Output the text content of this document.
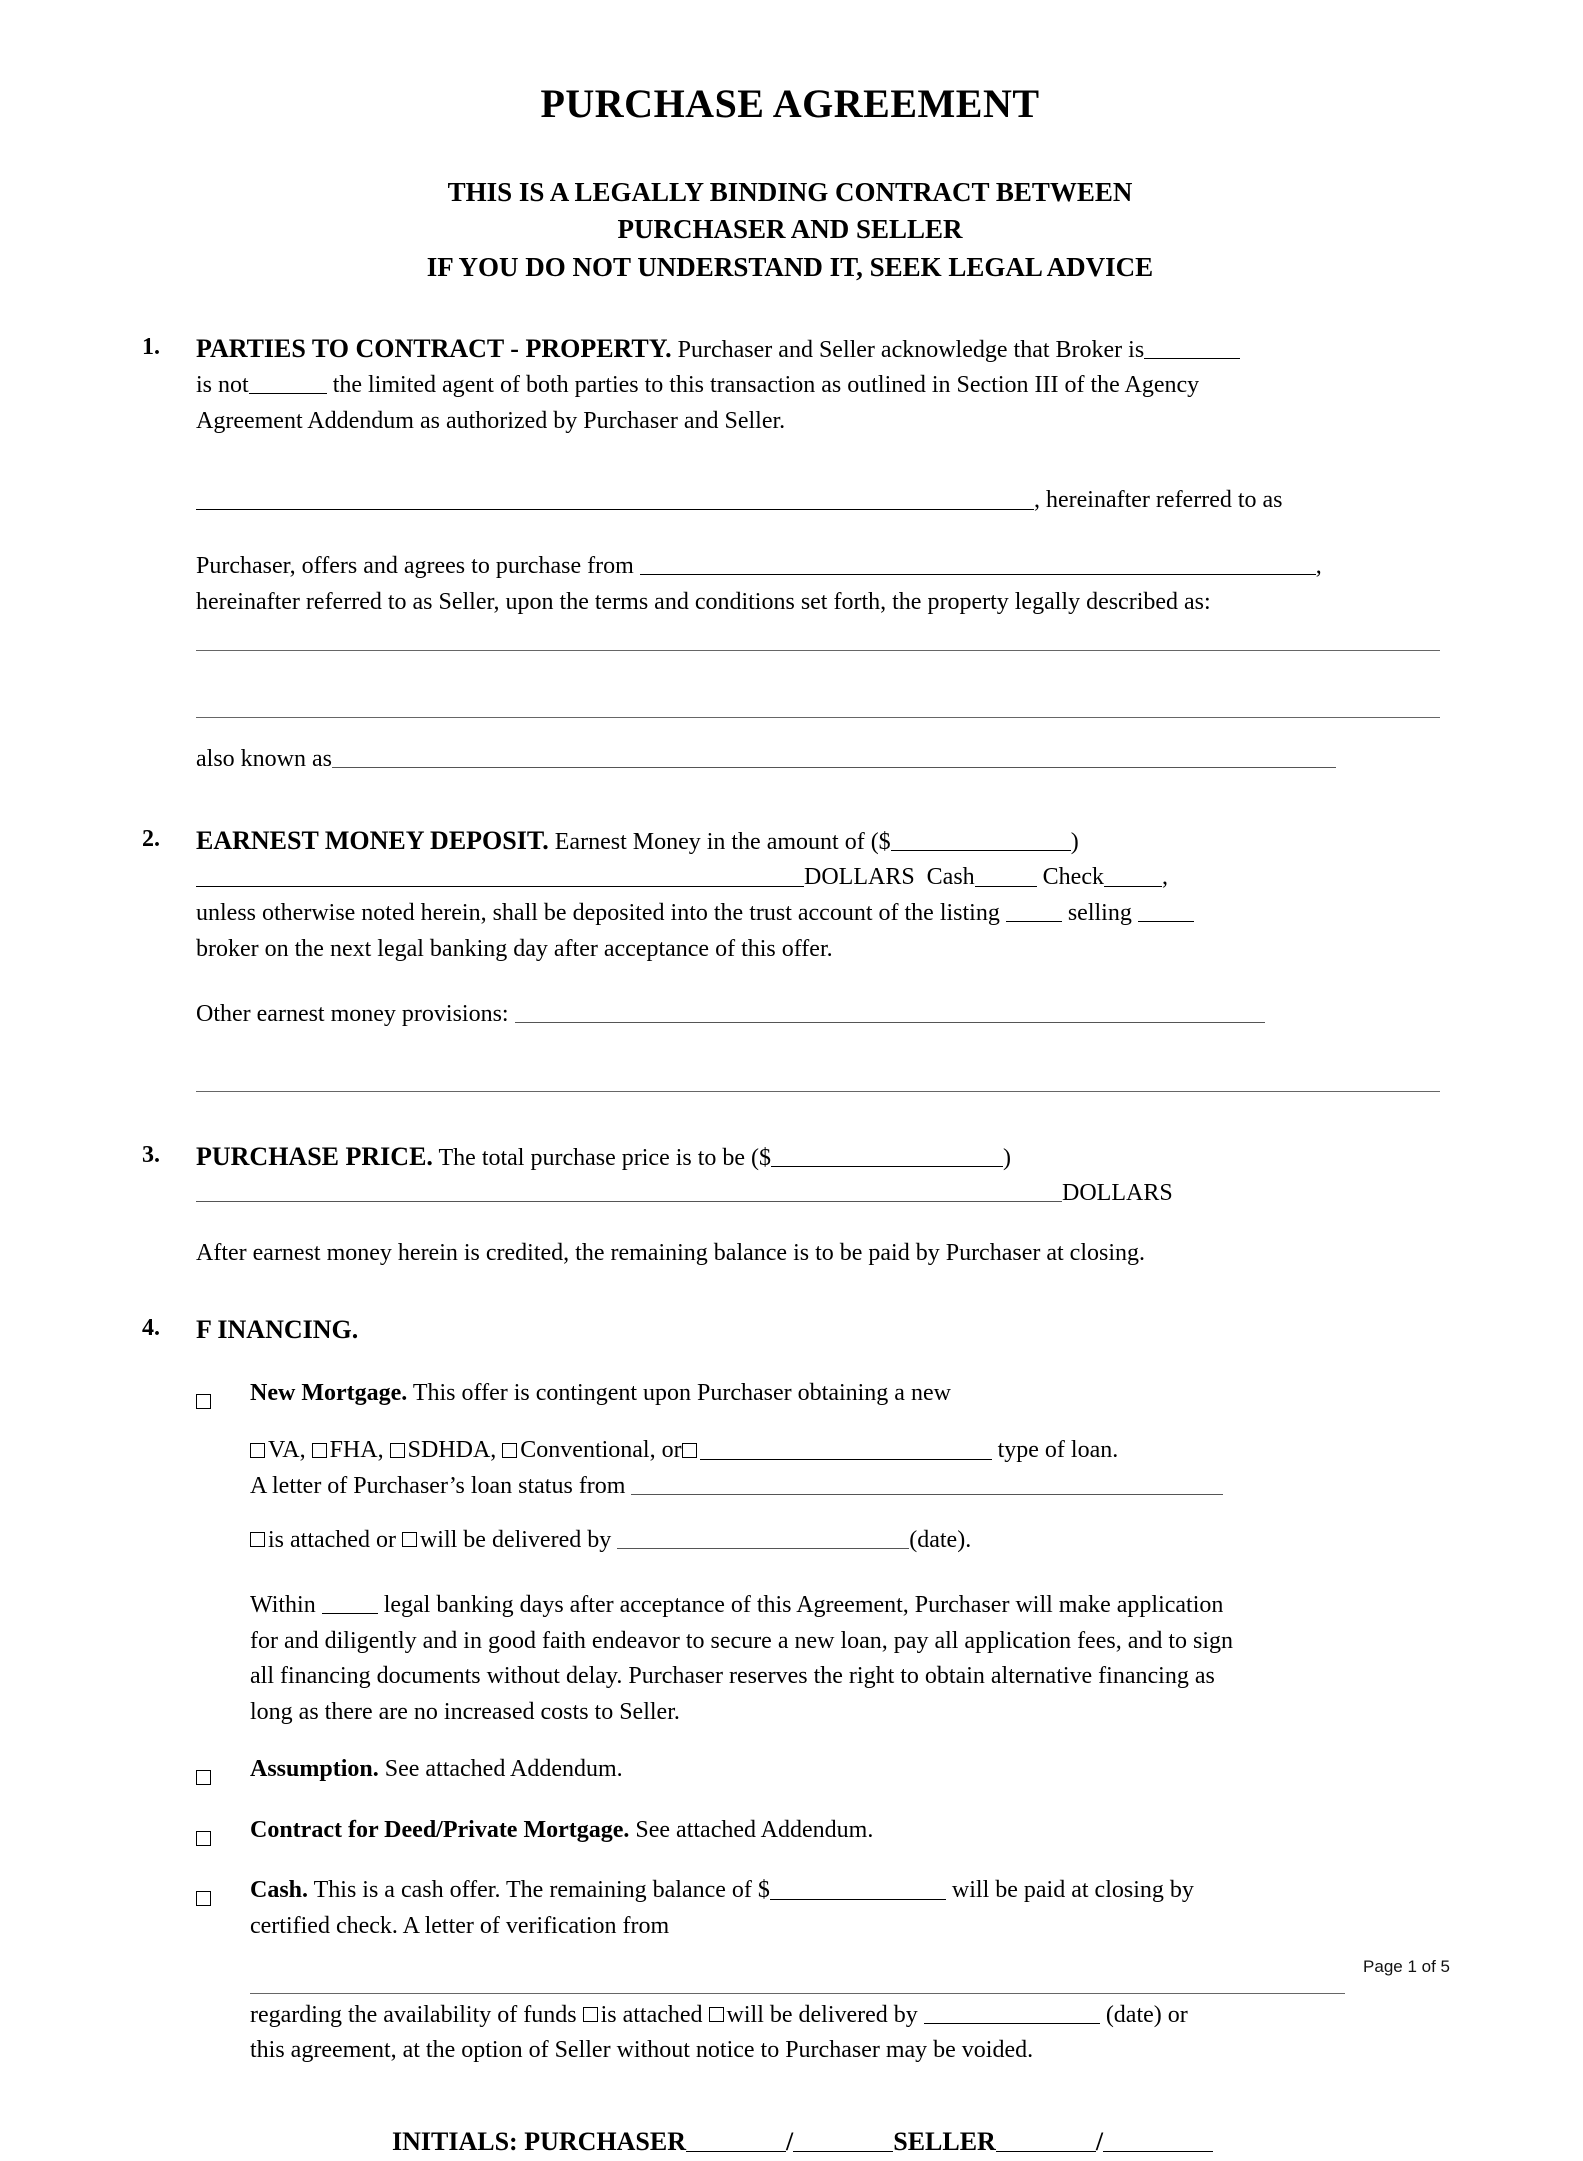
PURCHASE AGREEMENT
THIS IS A LEGALLY BINDING CONTRACT BETWEEN
PURCHASER AND SELLER
IF YOU DO NOT UNDERSTAND IT, SEEK LEGAL ADVICE
1.	PARTIES TO CONTRACT - PROPERTY. Purchaser and Seller acknowledge that Broker is

is not	the limited agent of both parties to this transaction as outlined in Section III of the Agency

Agreement Addendum as authorized by Purchaser and Seller.

, hereinafter referred to as

Purchaser, offers and agrees to purchase from	,

hereinafter referred to as Seller, upon the terms and conditions set forth, the property legally described as:

also known as

2.	EARNEST MONEY DEPOSIT. Earnest Money in the amount of ($	)

DOLLARS Cash	Check ,

unless otherwise noted herein, shall be deposited into the trust account of the listing	selling

broker on the next legal banking day after acceptance of this offer.

Other earnest money provisions:

3.	PURCHASE PRICE. The total purchase price is to be ($	)

DOLLARS

After earnest money herein is credited, the remaining balance is to be paid by Purchaser at closing.

4.	F INANCING.

New Mortgage. This offer is contingent upon Purchaser obtaining a new

VA, FHA, SDHDA, Conventional, or	type of loan.

A letter of Purchaser’s loan status from

is attached or will be delivered by	(date).

Within	legal banking days after acceptance of this Agreement, Purchaser will make application

for and diligently and in good faith endeavor to secure a new loan, pay all application fees, and to sign

all financing documents without delay. Purchaser reserves the right to obtain alternative financing as

long as there are no increased costs to Seller.

Assumption. See attached Addendum.

Contract for Deed/Private Mortgage. See attached Addendum.

Cash. This is a cash offer. The remaining balance of $	will be paid at closing by

certified check. A letter of verification from

regarding the availability of funds is attached will be delivered by	(date) or

this agreement, at the option of Seller without notice to Purchaser may be voided.

INITIALS: PURCHASER	/	SELLER	/
Page 1 of 5
